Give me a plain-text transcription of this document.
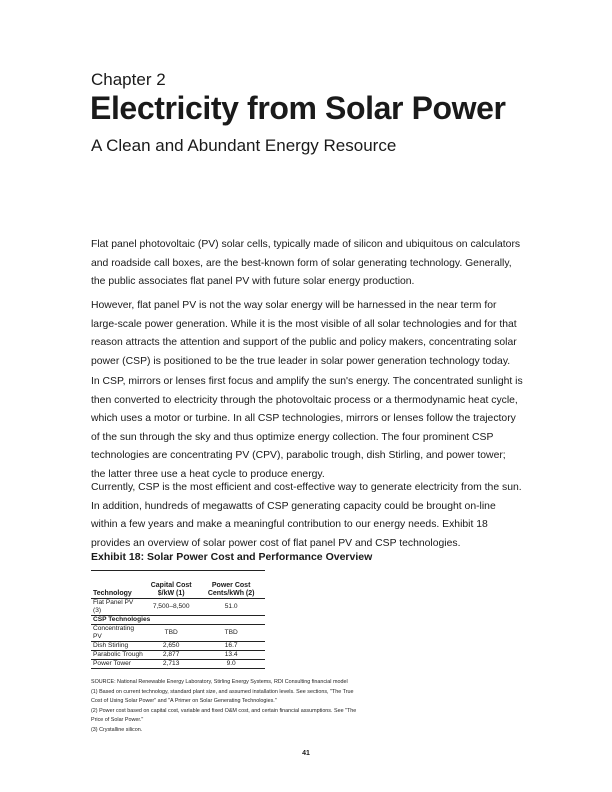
Chapter 2
Electricity from Solar Power
A Clean and Abundant Energy Resource

Flat panel photovoltaic (PV) solar cells, typically made of silicon and ubiquitous on calculators and roadside call boxes, are the best-known form of solar generating technology. Generally, the public associates flat panel PV with future solar energy production.

However, flat panel PV is not the way solar energy will be harnessed in the near term for large-scale power generation. While it is the most visible of all solar technologies and for that reason attracts the attention and support of the public and policy makers, concentrating solar power (CSP) is positioned to be the true leader in solar power generation technology today.

In CSP, mirrors or lenses first focus and amplify the sun's energy. The concentrated sunlight is then converted to electricity through the photovoltaic process or a thermodynamic heat cycle, which uses a motor or turbine. In all CSP technologies, mirrors or lenses follow the trajectory of the sun through the sky and thus optimize energy collection. The four prominent CSP technologies are concentrating PV (CPV), parabolic trough, dish Stirling, and power tower; the latter three use a heat cycle to produce energy.

Currently, CSP is the most efficient and cost-effective way to generate electricity from the sun. In addition, hundreds of megawatts of CSP generating capacity could be brought on-line within a few years and make a meaningful contribution to our energy needs. Exhibit 18 provides an overview of solar power cost of flat panel PV and CSP technologies.

Exhibit 18: Solar Power Cost and Performance Overview

Technology	Capital Cost $/kW (1)	Power Cost Cents/kWh (2)
Flat Panel PV (3)	7,500–8,500	51.0
CSP Technologies		
Concentrating PV	TBD	TBD
Dish Stirling	2,650	16.7
Parabolic Trough	2,877	13.4
Power Tower	2,713	9.0
SOURCE: National Renewable Energy Laboratory, Stirling Energy Systems, RDI Consulting financial model
(1) Based on current technology, standard plant size, and assumed installation levels. See sections, "The True
Cost of Using Solar Power" and "A Primer on Solar Generating Technologies."
(2) Power cost based on capital cost, variable and fixed O&M cost, and certain financial assumptions. See "The
Price of Solar Power."
(3) Crystalline silicon.

41
